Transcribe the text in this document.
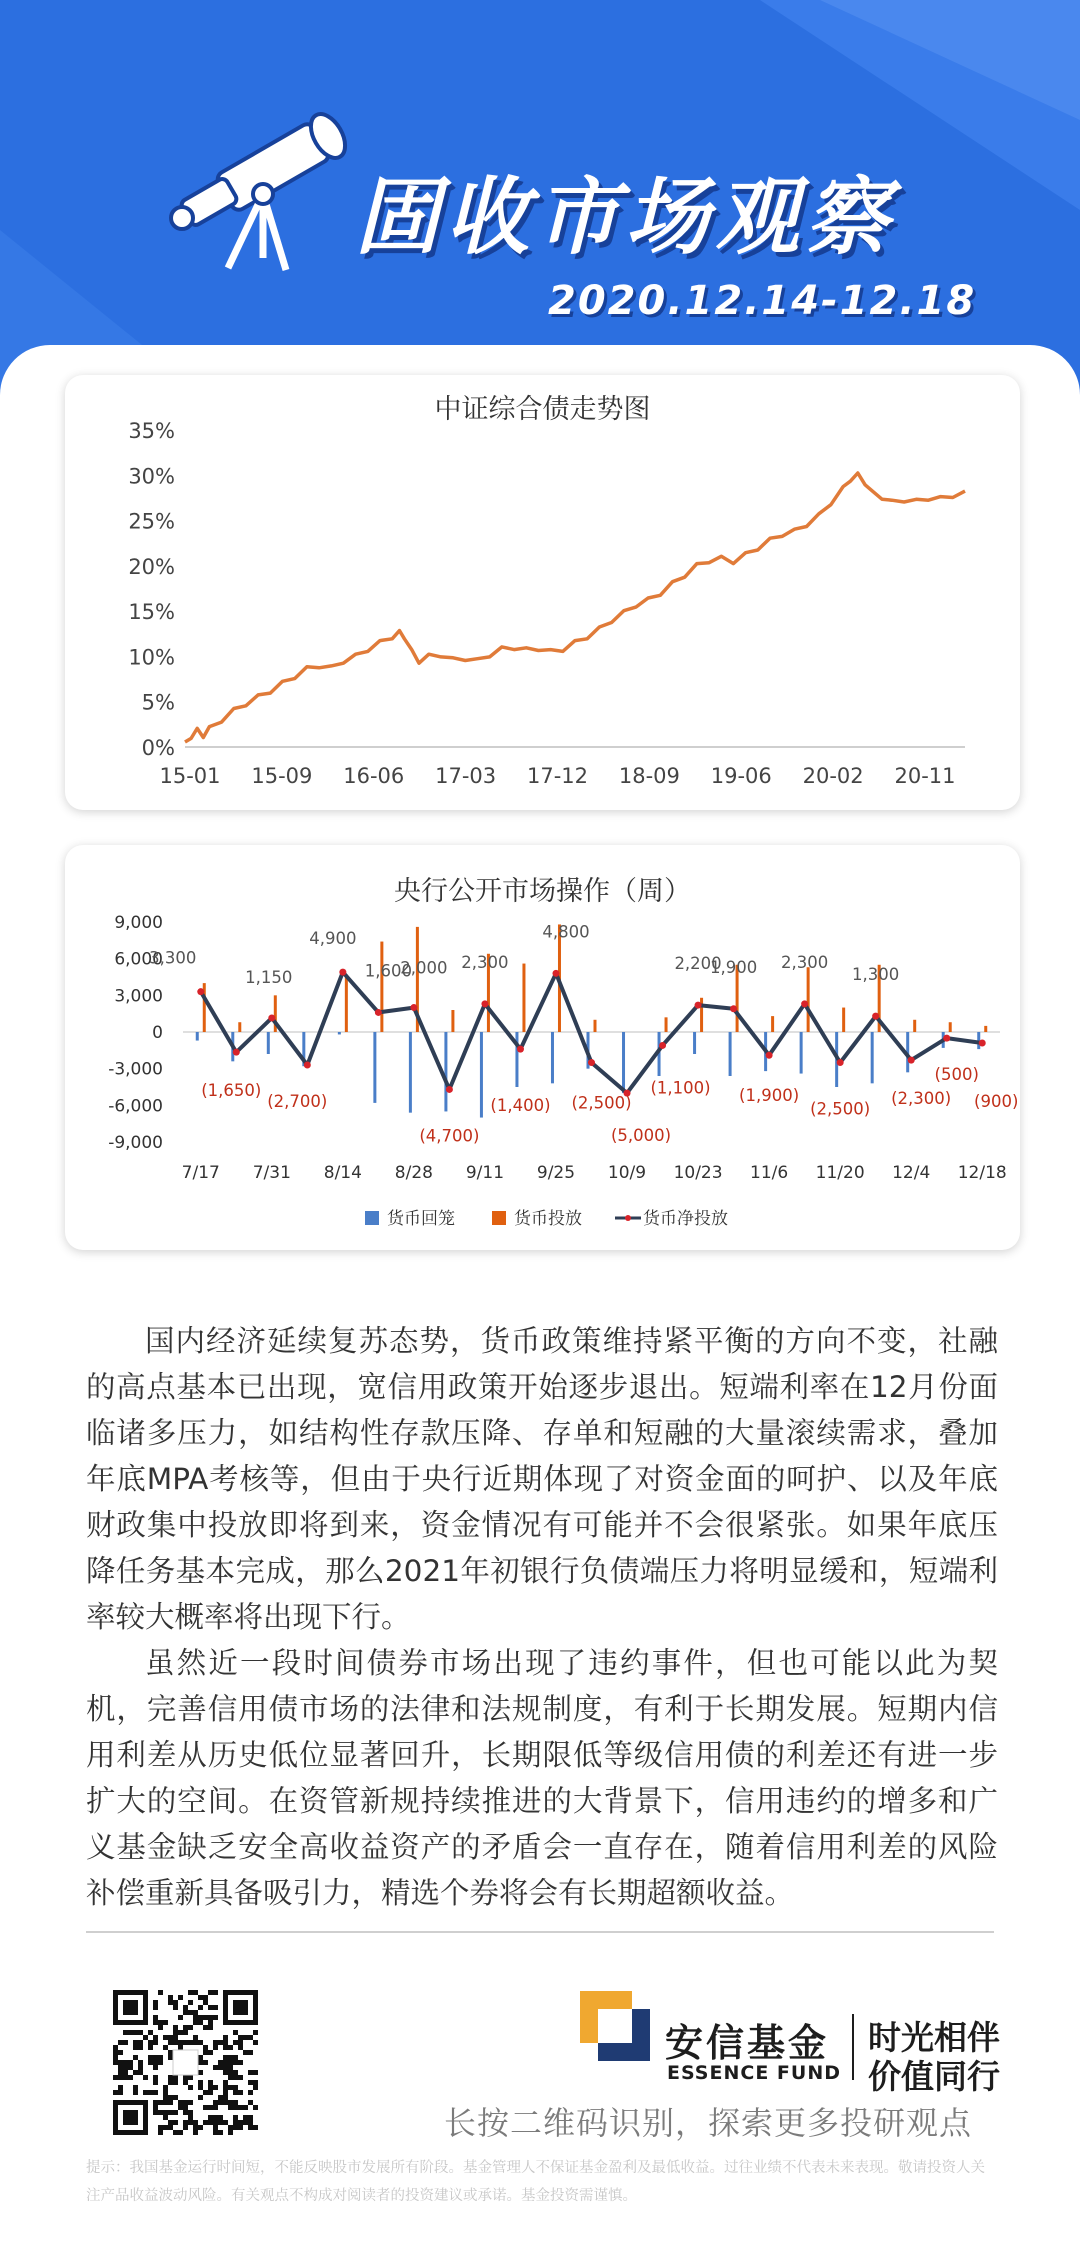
固收市场观察
2020.12.14-12.18
中证综合债走势图
0%
5%
10%
15%
20%
25%
30%
35%
15-01 15-09 16-06 17-03 17-12 18-09 19-06 20-02 20-11
央行公开市场操作（周）
9,000
6,000
3,000
0
-3,000
-6,000
-9,000
3,300
(1,650)
1,150
(2,700)
4,900
1,600
2,000
(4,700)
2,300
(1,400)
4,800
(2,500)
(5,000)
(1,100)
2,200
1,900
(1,900)
2,300
(2,500)
1,300
(2,300)
(500)
(900)
7/17 7/31 8/14 8/28 9/11 9/25 10/9 10/23 11/6 11/20 12/4 12/18
货币回笼	货币投放	货币净投放

国内经济延续复苏态势，货币政策维持紧平衡的方向不变，社融的高点基本已出现，宽信用政策开始逐步退出。短端利率在12月份面临诸多压力，如结构性存款压降、存单和短融的大量滚续需求，叠加年底MPA考核等，但由于央行近期体现了对资金面的呵护、以及年底财政集中投放即将到来，资金情况有可能并不会很紧张。如果年底压降任务基本完成，那么2021年初银行负债端压力将明显缓和，短端利率较大概率将出现下行。

虽然近一段时间债券市场出现了违约事件，但也可能以此为契机，完善信用债市场的法律和法规制度，有利于长期发展。短期内信用利差从历史低位显著回升，长期限低等级信用债的利差还有进一步扩大的空间。在资管新规持续推进的大背景下，信用违约的增多和广义基金缺乏安全高收益资产的矛盾会一直存在，随着信用利差的风险补偿重新具备吸引力，精选个券将会有长期超额收益。

安信基金
ESSENCE FUND
时光相伴
价值同行
长按二维码识别，探索更多投研观点
提示：我国基金运行时间短，不能反映股市发展所有阶段。基金管理人不保证基金盈利及最低收益。过往业绩不代表未来表现。敬请投资人关注产品收益波动风险。有关观点不构成对阅读者的投资建议或承诺。基金投资需谨慎。
